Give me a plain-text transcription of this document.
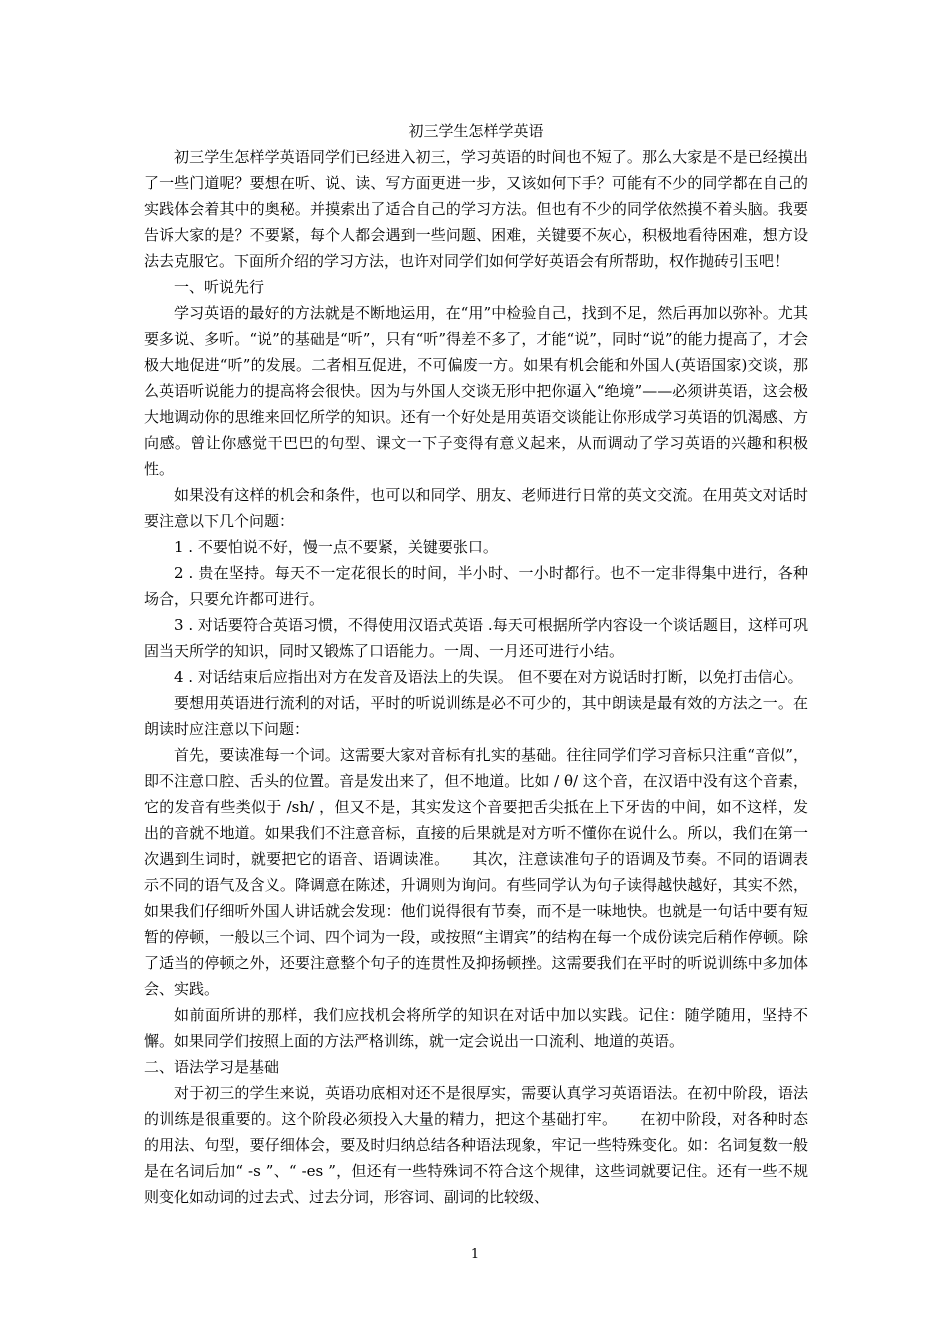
初三学生怎样学英语

初三学生怎样学英语同学们已经进入初三，学习英语的时间也不短了。那么大家是不是已经摸出了一些门道呢？要想在听、说、读、写方面更进一步，又该如何下手？可能有不少的同学都在自己的实践体会着其中的奥秘。并摸索出了适合自己的学习方法。但也有不少的同学依然摸不着头脑。我要告诉大家的是？不要紧，每个人都会遇到一些问题、困难，关键要不灰心，积极地看待困难，想方设法去克服它。下面所介绍的学习方法，也许对同学们如何学好英语会有所帮助，权作抛砖引玉吧！

一、听说先行

学习英语的最好的方法就是不断地运用，在“用”中检验自己，找到不足，然后再加以弥补。尤其要多说、多听。“说”的基础是“听”，只有“听”得差不多了，才能“说”，同时“说”的能力提高了，才会极大地促进“听”的发展。二者相互促进，不可偏废一方。如果有机会能和外国人(英语国家)交谈，那么英语听说能力的提高将会很快。因为与外国人交谈无形中把你逼入“绝境”——必须讲英语，这会极大地调动你的思维来回忆所学的知识。还有一个好处是用英语交谈能让你形成学习英语的饥渴感、方向感。曾让你感觉干巴巴的句型、课文一下子变得有意义起来，从而调动了学习英语的兴趣和积极性。

如果没有这样的机会和条件，也可以和同学、朋友、老师进行日常的英文交流。在用英文对话时要注意以下几个问题：

1 . 不要怕说不好，慢一点不要紧，关键要张口。

2 . 贵在坚持。每天不一定花很长的时间，半小时、一小时都行。也不一定非得集中进行，各种场合，只要允许都可进行。

3 . 对话要符合英语习惯，不得使用汉语式英语 .每天可根据所学内容设一个谈话题目，这样可巩固当天所学的知识，同时又锻炼了口语能力。一周、一月还可进行小结。

4 . 对话结束后应指出对方在发音及语法上的失误。 但不要在对方说话时打断，以免打击信心。

要想用英语进行流利的对话，平时的听说训练是必不可少的，其中朗读是最有效的方法之一。在朗读时应注意以下问题：

首先，要读准每一个词。这需要大家对音标有扎实的基础。往往同学们学习音标只注重“音似”，即不注意口腔、舌头的位置。音是发出来了，但不地道。比如 / θ/ 这个音，在汉语中没有这个音素，它的发音有些类似于 /sh/ ，但又不是，其实发这个音要把舌尖抵在上下牙齿的中间，如不这样，发出的音就不地道。如果我们不注意音标，直接的后果就是对方听不懂你在说什么。所以，我们在第一次遇到生词时，就要把它的语音、语调读准。　　其次，注意读准句子的语调及节奏。不同的语调表示不同的语气及含义。降调意在陈述，升调则为询问。有些同学认为句子读得越快越好，其实不然，如果我们仔细听外国人讲话就会发现：他们说得很有节奏，而不是一味地快。也就是一句话中要有短暂的停顿，一般以三个词、四个词为一段，或按照“主谓宾”的结构在每一个成份读完后稍作停顿。除了适当的停顿之外，还要注意整个句子的连贯性及抑扬顿挫。这需要我们在平时的听说训练中多加体会、实践。

如前面所讲的那样，我们应找机会将所学的知识在对话中加以实践。记住：随学随用，坚持不懈。如果同学们按照上面的方法严格训练，就一定会说出一口流利、地道的英语。

二、语法学习是基础

对于初三的学生来说，英语功底相对还不是很厚实，需要认真学习英语语法。在初中阶段，语法的训练是很重要的。这个阶段必须投入大量的精力，把这个基础打牢。　　在初中阶段，对各种时态的用法、句型，要仔细体会，要及时归纳总结各种语法现象，牢记一些特殊变化。如：名词复数一般是在名词后加“ -s ”、“ -es ”，但还有一些特殊词不符合这个规律，这些词就要记住。还有一些不规则变化如动词的过去式、过去分词，形容词、副词的比较级、

1
